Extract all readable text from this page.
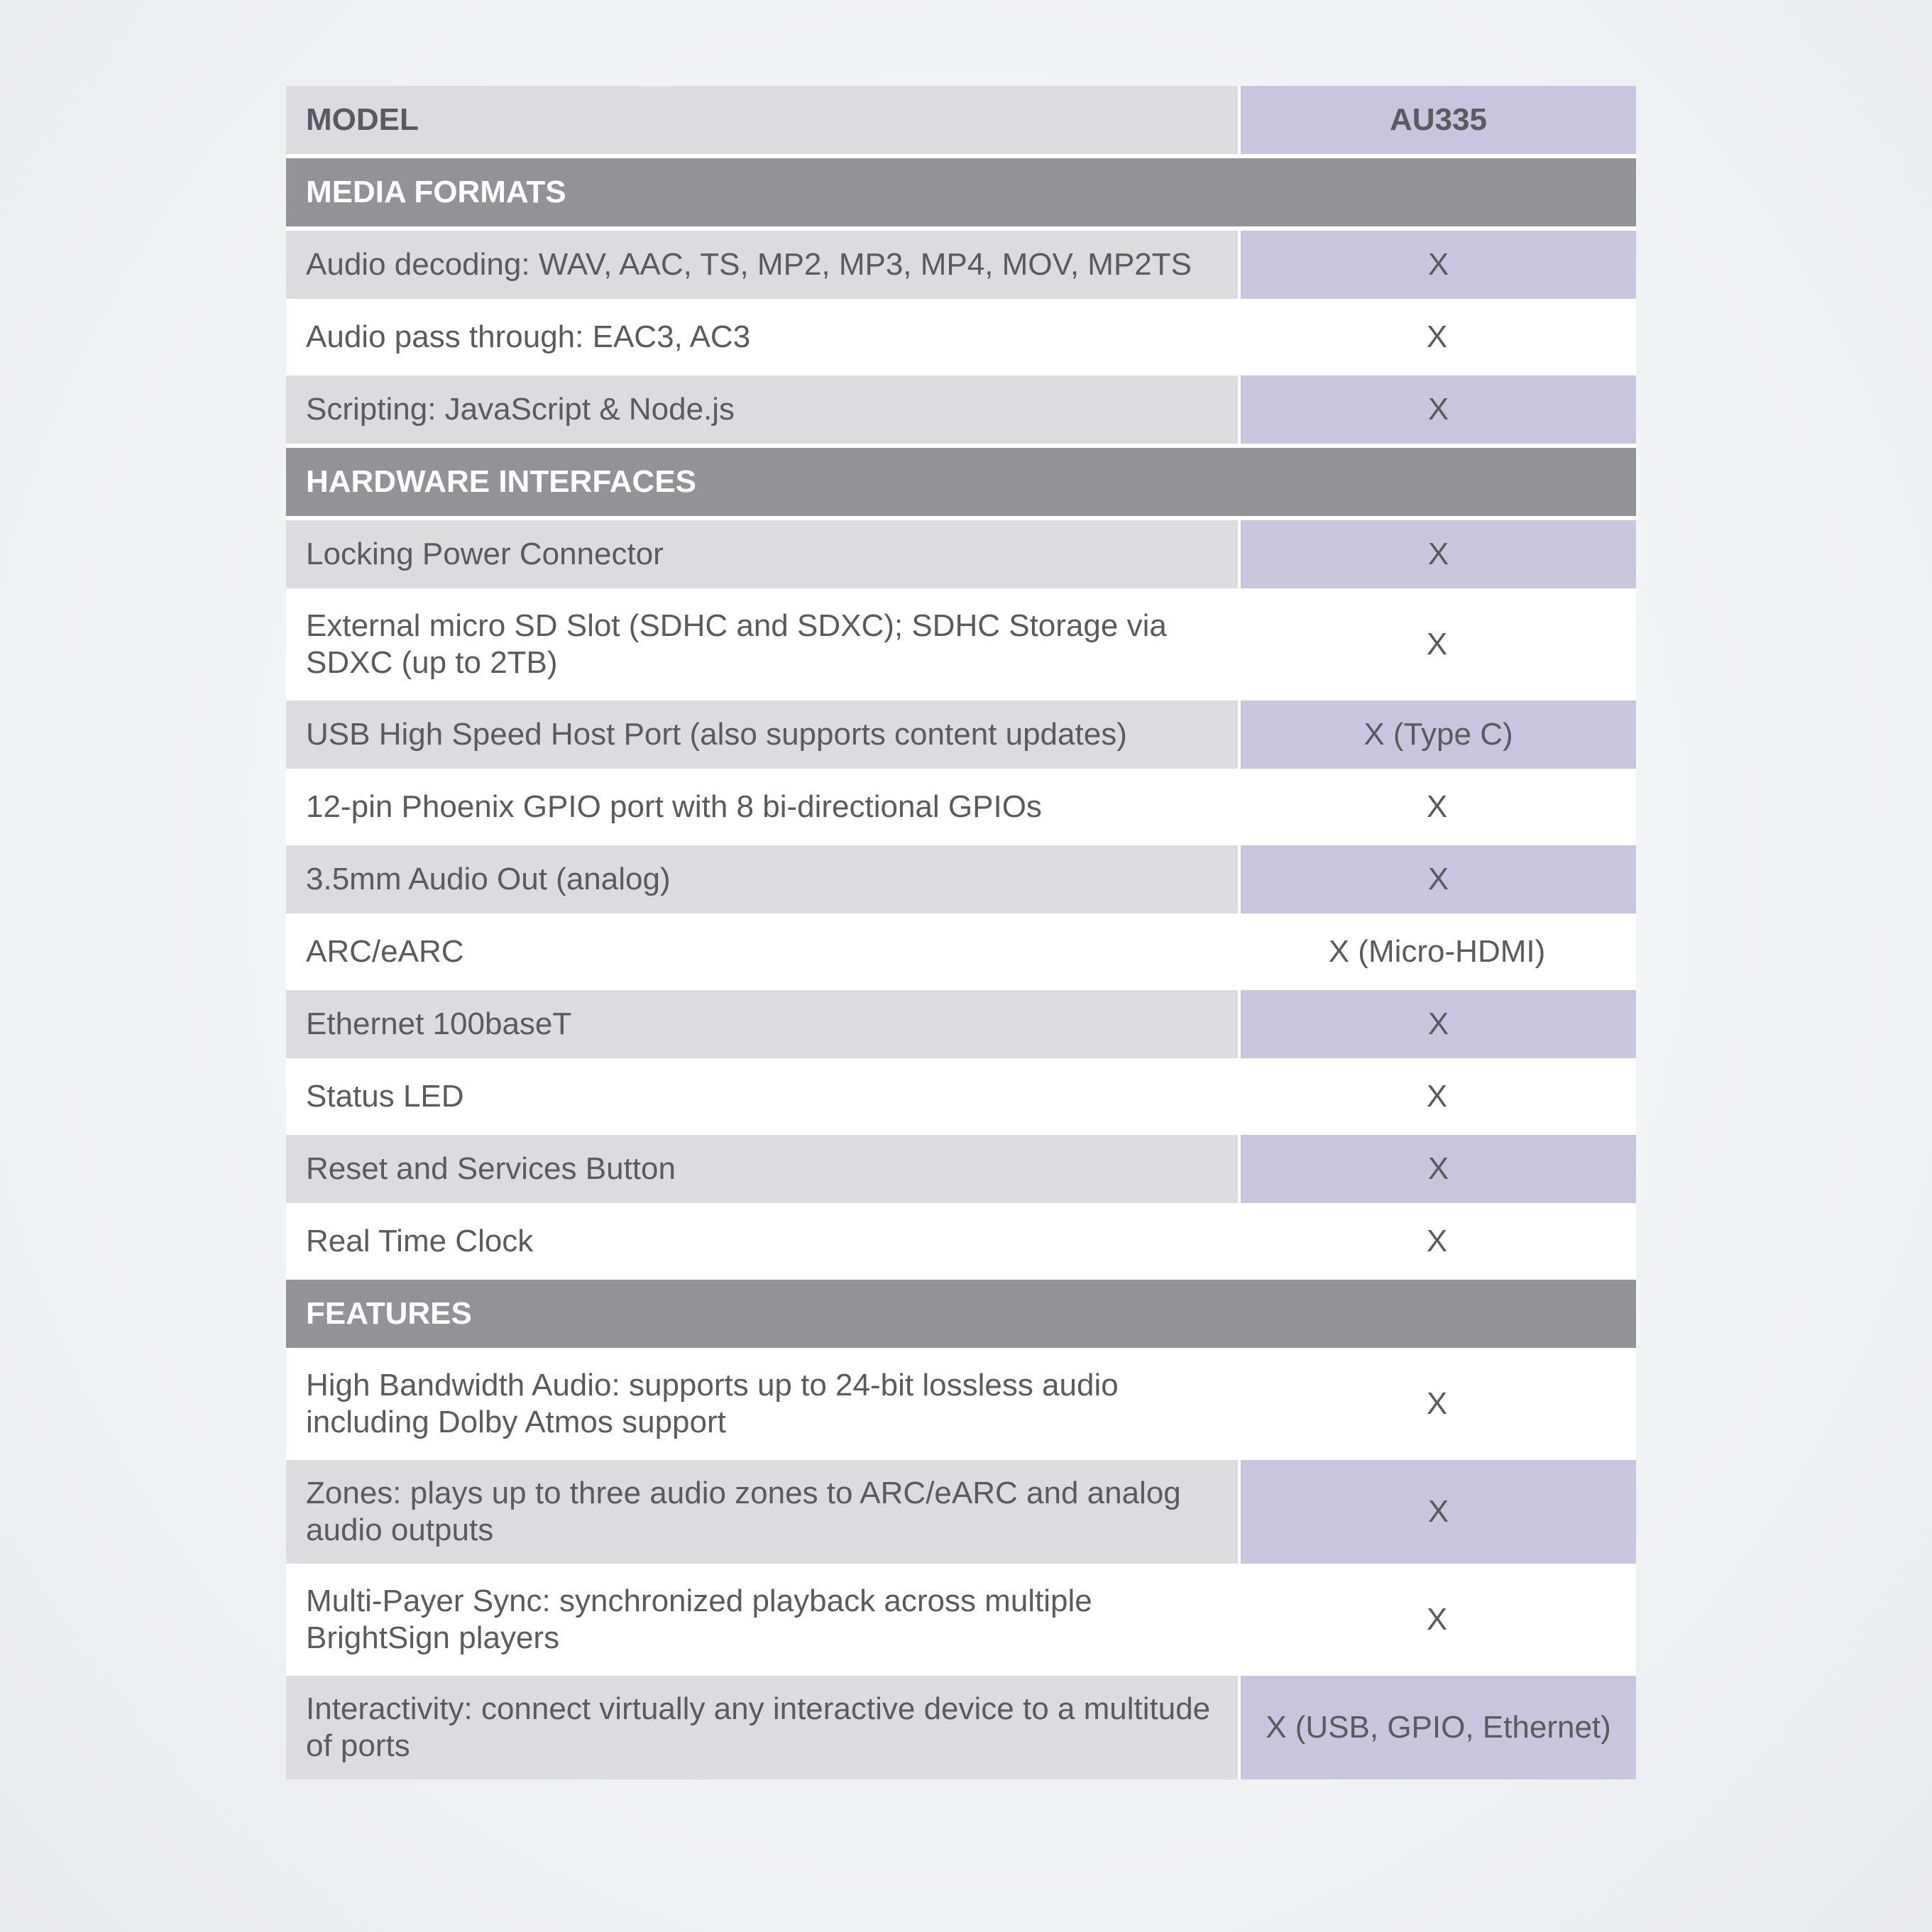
MODEL	AU335
MEDIA FORMATS	
Audio decoding: WAV, AAC, TS, MP2, MP3, MP4, MOV, MP2TS	X
Audio pass through: EAC3, AC3	X
Scripting: JavaScript & Node.js	X
HARDWARE INTERFACES	
Locking Power Connector	X
External micro SD Slot (SDHC and SDXC); SDHC Storage via SDXC (up to 2TB)	X
USB High Speed Host Port (also supports content updates)	X (Type C)
12-pin Phoenix GPIO port with 8 bi-directional GPIOs	X
3.5mm Audio Out (analog)	X
ARC/eARC	X (Micro-HDMI)
Ethernet 100baseT	X
Status LED	X
Reset and Services Button	X
Real Time Clock	X
FEATURES	
High Bandwidth Audio: supports up to 24-bit lossless audio including Dolby Atmos support	X
Zones: plays up to three audio zones to ARC/eARC and analog audio outputs	X
Multi-Payer Sync: synchronized playback across multiple BrightSign players	X
Interactivity: connect virtually any interactive device to a multitude of ports	X (USB, GPIO, Ethernet)
